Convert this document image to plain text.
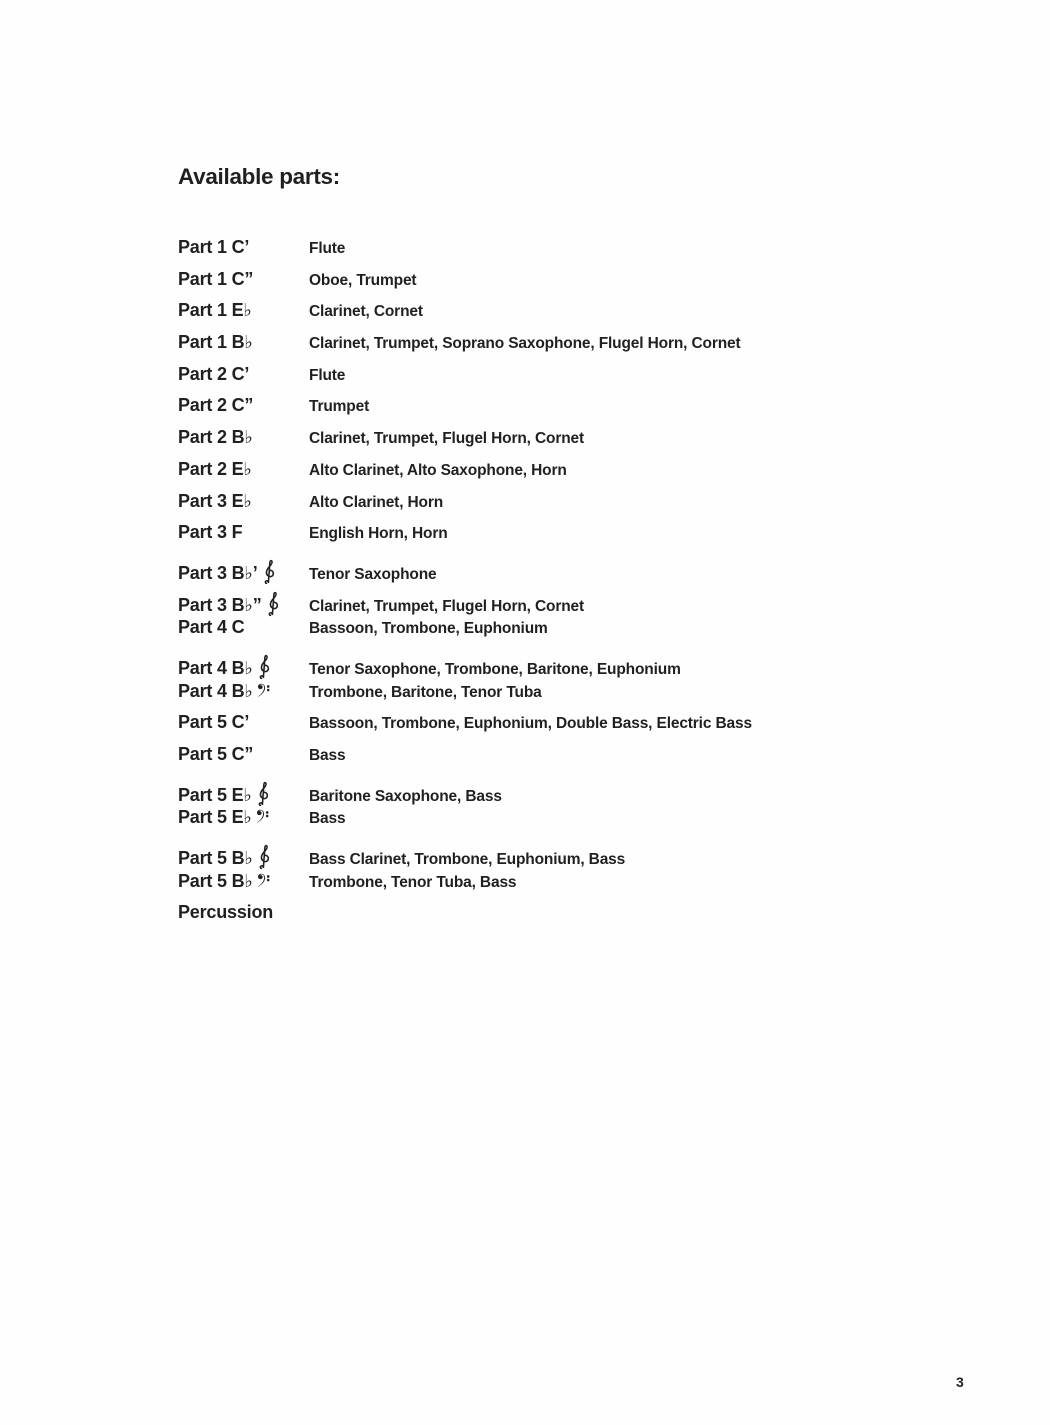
Available parts:
Part 1 C’	Flute
Part 1 C”	Oboe, Trumpet
Part 1 E♭	Clarinet, Cornet
Part 1 B♭	Clarinet, Trumpet, Soprano Saxophone, Flugel Horn, Cornet
Part 2 C’	Flute
Part 2 C”	Trumpet
Part 2 B♭	Clarinet, Trumpet, Flugel Horn, Cornet
Part 2 E♭	Alto Clarinet, Alto Saxophone, Horn
Part 3 E♭	Alto Clarinet, Horn
Part 3 F	English Horn, Horn
Part 3 B♭’	Tenor Saxophone
Part 3 B♭”	Clarinet, Trumpet, Flugel Horn, Cornet
Part 4 C	Bassoon, Trombone, Euphonium
Part 4 B♭	Tenor Saxophone, Trombone, Baritone, Euphonium
Part 4 B♭	Trombone, Baritone, Tenor Tuba
Part 5 C’	Bassoon, Trombone, Euphonium, Double Bass, Electric Bass
Part 5 C”	Bass
Part 5 E♭	Baritone Saxophone, Bass
Part 5 E♭	Bass
Part 5 B♭	Bass Clarinet, Trombone, Euphonium, Bass
Part 5 B♭	Trombone, Tenor Tuba, Bass
Percussion
3
